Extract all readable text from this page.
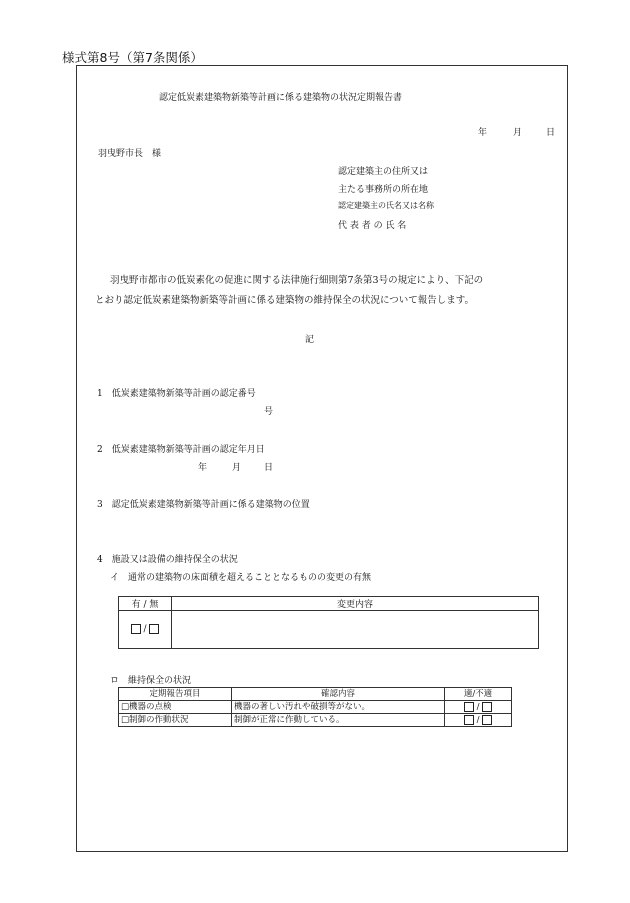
様式第8号（第7条関係）
認定低炭素建築物新築等計画に係る建築物の状況定期報告書
年	月	日
羽曳野市長　様
認定建築主の住所又は
主たる事務所の所在地
認定建築主の氏名又は名称
代 表 者 の 氏 名
羽曳野市都市の低炭素化の促進に関する法律施行細則第7条第3号の規定により、下記の
とおり認定低炭素建築物新築等計画に係る建築物の維持保全の状況について報告します。
記
1　低炭素建築物新築等計画の認定番号
号
2　低炭素建築物新築等計画の認定年月日
年	月	日
3　認定低炭素建築物新築等計画に係る建築物の位置
4　施設又は設備の維持保全の状況
イ　通常の建築物の床面積を超えることとなるものの変更の有無
有 / 無	変更内容
/	
ロ　維持保全の状況
定期報告項目	確認内容	適/不適
□機器の点検	機器の著しい汚れや破損等がない。	/
□制御の作動状況	制御が正常に作動している。	/
